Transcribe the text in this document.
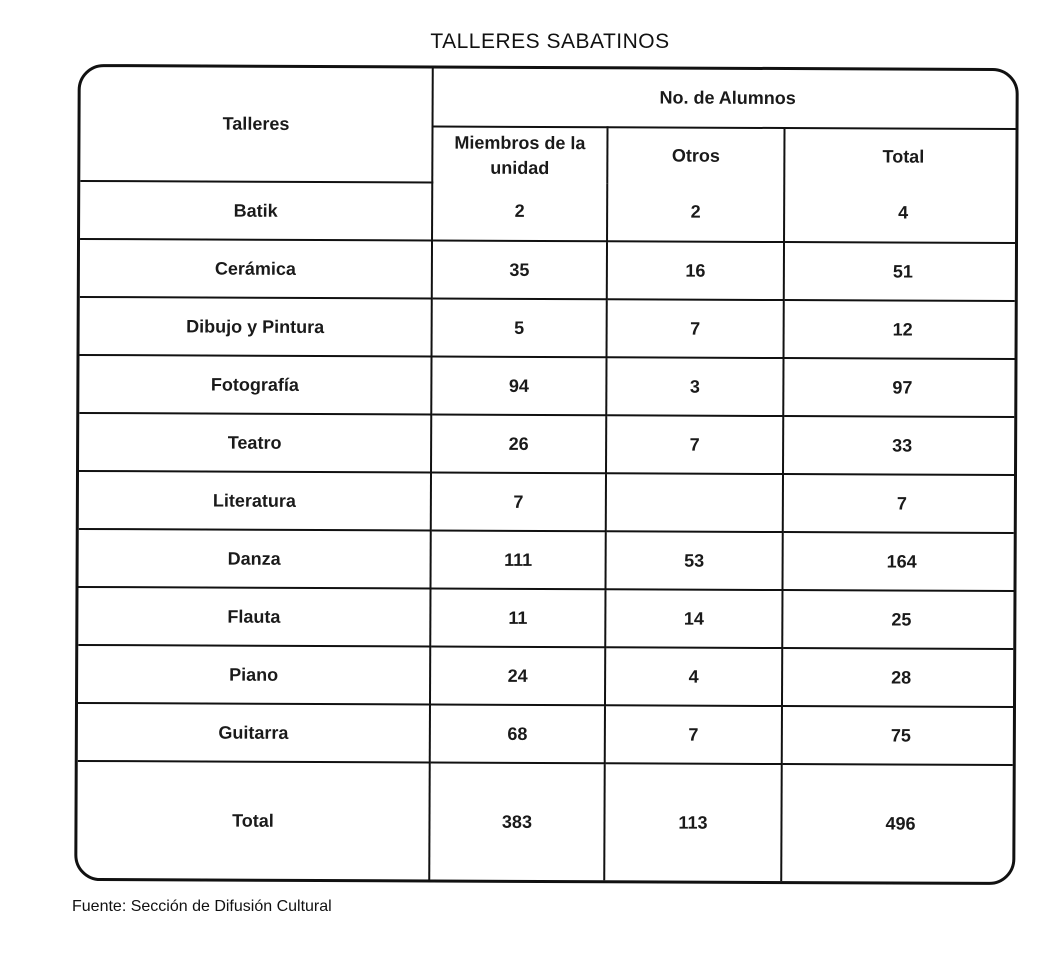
TALLERES SABATINOS
Talleres	No. de Alumnos		
	Miembros de la unidad	Otros	Total
Batik	2	2	4
Cerámica	35	16	51
Dibujo y Pintura	5	7	12
Fotografía	94	3	97
Teatro	26	7	33
Literatura	7		7
Danza	111	53	164
Flauta	11	14	25
Piano	24	4	28
Guitarra	68	7	75
Total	383	113	496
Fuente: Sección de Difusión Cultural
